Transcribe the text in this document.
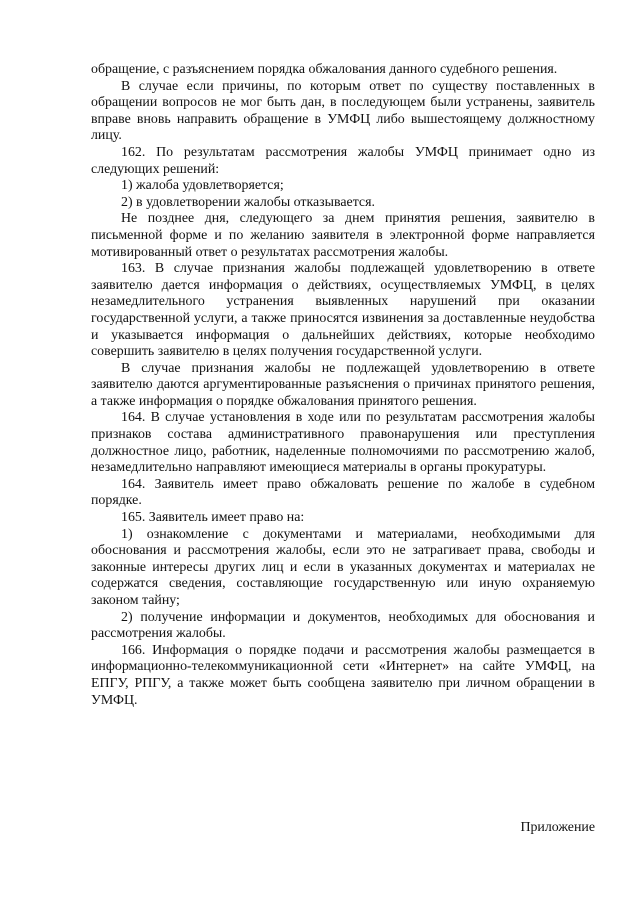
обращение, с разъяснением порядка обжалования данного судебного решения.

В случае если причины, по которым ответ по существу поставленных в обращении вопросов не мог быть дан, в последующем были устранены, заявитель вправе вновь направить обращение в УМФЦ либо вышестоящему должностному лицу.

162. По результатам рассмотрения жалобы УМФЦ принимает одно из следующих решений:

1) жалоба удовлетворяется;

2) в удовлетворении жалобы отказывается.

Не позднее дня, следующего за днем принятия решения, заявителю в письменной форме и по желанию заявителя в электронной форме направляется мотивированный ответ о результатах рассмотрения жалобы.

163. В случае признания жалобы подлежащей удовлетворению в ответе заявителю дается информация о действиях, осуществляемых УМФЦ, в целях незамедлительного устранения выявленных нарушений при оказании государственной услуги, а также приносятся извинения за доставленные неудобства и указывается информация о дальнейших действиях, которые необходимо совершить заявителю в целях получения государственной услуги.

В случае признания жалобы не подлежащей удовлетворению в ответе заявителю даются аргументированные разъяснения о причинах принятого решения, а также информация о порядке обжалования принятого решения.

164. В случае установления в ходе или по результатам рассмотрения жалобы признаков состава административного правонарушения или преступления должностное лицо, работник, наделенные полномочиями по рассмотрению жалоб, незамедлительно направляют имеющиеся материалы в органы прокуратуры.

164. Заявитель имеет право обжаловать решение по жалобе в судебном порядке.

165. Заявитель имеет право на:

1) ознакомление с документами и материалами, необходимыми для обоснования и рассмотрения жалобы, если это не затрагивает права, свободы и законные интересы других лиц и если в указанных документах и материалах не содержатся сведения, составляющие государственную или иную охраняемую законом тайну;

2) получение информации и документов, необходимых для обоснования и рассмотрения жалобы.

166. Информация о порядке подачи и рассмотрения жалобы размещается в информационно-телекоммуникационной сети «Интернет» на сайте УМФЦ, на ЕПГУ, РПГУ, а также может быть сообщена заявителю при личном обращении в УМФЦ.

Приложение
